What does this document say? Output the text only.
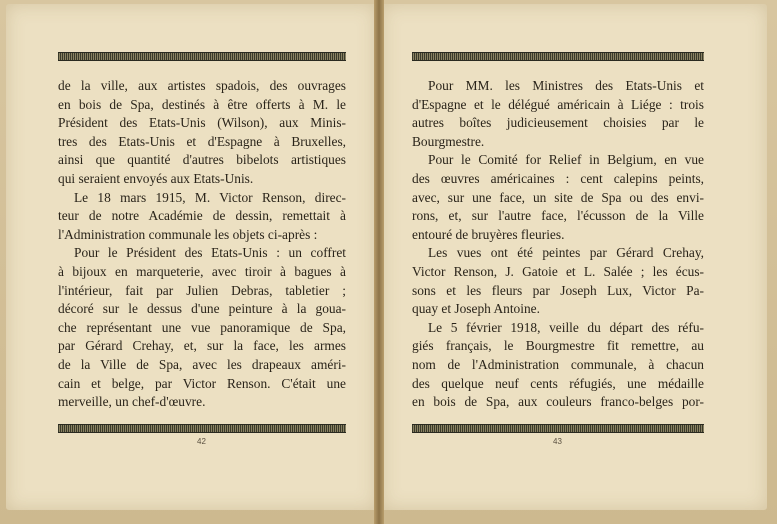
de la ville, aux artistes spadois, des ouvrages
en bois de Spa, destinés à être offerts à M. le
Président des Etats-Unis (Wilson), aux Minis-
tres des Etats-Unis et d'Espagne à Bruxelles,
ainsi que quantité d'autres bibelots artistiques
qui seraient envoyés aux Etats-Unis.
Le 18 mars 1915, M. Victor Renson, direc-
teur de notre Académie de dessin, remettait à
l'Administration communale les objets ci-après :
Pour le Président des Etats-Unis : un coffret
à bijoux en marqueterie, avec tiroir à bagues à
l'intérieur, fait par Julien Debras, tabletier ;
décoré sur le dessus d'une peinture à la goua-
che représentant une vue panoramique de Spa,
par Gérard Crehay, et, sur la face, les armes
de la Ville de Spa, avec les drapeaux améri-
cain et belge, par Victor Renson. C'était une
merveille, un chef-d'œuvre.
Pour MM. les Ministres des Etats-Unis et
d'Espagne et le délégué américain à Liége : trois
autres boîtes judicieusement choisies par le
Bourgmestre.
Pour le Comité for Relief in Belgium, en vue
des œuvres américaines : cent calepins peints,
avec, sur une face, un site de Spa ou des envi-
rons, et, sur l'autre face, l'écusson de la Ville
entouré de bruyères fleuries.
Les vues ont été peintes par Gérard Crehay,
Victor Renson, J. Gatoie et L. Salée ; les écus-
sons et les fleurs par Joseph Lux, Victor Pa-
quay et Joseph Antoine.
Le 5 février 1918, veille du départ des réfu-
giés français, le Bourgmestre fit remettre, au
nom de l'Administration communale, à chacun
des quelque neuf cents réfugiés, une médaille
en bois de Spa, aux couleurs franco-belges por-
42	43
